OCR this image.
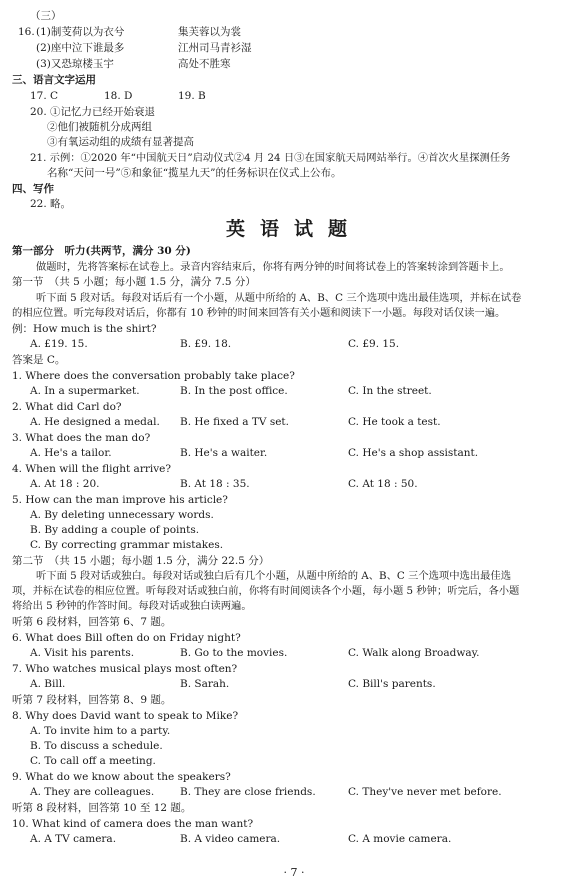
（三）
16. (1)制芰荷以为衣兮	集芙蓉以为裳
(2)座中泣下谁最多	江州司马青衫湿
(3)又恐琼楼玉宇	高处不胜寒
三、语言文字运用
17. C	18. D	19. B
20. ①记忆力已经开始衰退
②他们被随机分成两组
③有氧运动组的成绩有显著提高
21. 示例：①2020 年“中国航天日”启动仪式②4 月 24 日③在国家航天局网站举行。④首次火星探测任务
名称“天问一号”⑤和象征“揽星九天”的任务标识在仪式上公布。
四、写作
22. 略。
英语试题
第一部分　听力(共两节，满分 30 分)
做题时，先将答案标在试卷上。录音内容结束后，你将有两分钟的时间将试卷上的答案转涂到答题卡上。
第一节　（共 5 小题；每小题 1.5 分，满分 7.5 分）
听下面 5 段对话。每段对话后有一个小题，从题中所给的 A、B、C 三个选项中选出最佳选项，并标在试卷
的相应位置。听完每段对话后，你都有 10 秒钟的时间来回答有关小题和阅读下一小题。每段对话仅读一遍。
例：How much is the shirt?
A. £19. 15.	B. £9. 18.	C. £9. 15.
答案是 C。
1. Where does the conversation probably take place?
A. In a supermarket.	B. In the post office.	C. In the street.
2. What did Carl do?
A. He designed a medal. B. He fixed a TV set.	C. He took a test.
3. What does the man do?
A. He's a tailor.	B. He's a waiter.	C. He's a shop assistant.
4. When will the flight arrive?
A. At 18 : 20.	B. At 18 : 35.	C. At 18 : 50.
5. How can the man improve his article?
A. By deleting unnecessary words.
B. By adding a couple of points.
C. By correcting grammar mistakes.
第二节　（共 15 小题；每小题 1.5 分，满分 22.5 分）
听下面 5 段对话或独白。每段对话或独白后有几个小题，从题中所给的 A、B、C 三个选项中选出最佳选
项，并标在试卷的相应位置。听每段对话或独白前，你将有时间阅读各个小题，每小题 5 秒钟；听完后，各小题
将给出 5 秒钟的作答时间。每段对话或独白读两遍。
听第 6 段材料，回答第 6、7 题。
6. What does Bill often do on Friday night?
A. Visit his parents.	B. Go to the movies.	C. Walk along Broadway.
7. Who watches musical plays most often?
A. Bill.	B. Sarah.	C. Bill's parents.
听第 7 段材料，回答第 8、9 题。
8. Why does David want to speak to Mike?
A. To invite him to a party.
B. To discuss a schedule.
C. To call off a meeting.
9. What do we know about the speakers?
A. They are colleagues. B. They are close friends.	C. They've never met before.
听第 8 段材料，回答第 10 至 12 题。
10. What kind of camera does the man want?
A. A TV camera.	B. A video camera.	C. A movie camera.
· 7 ·
